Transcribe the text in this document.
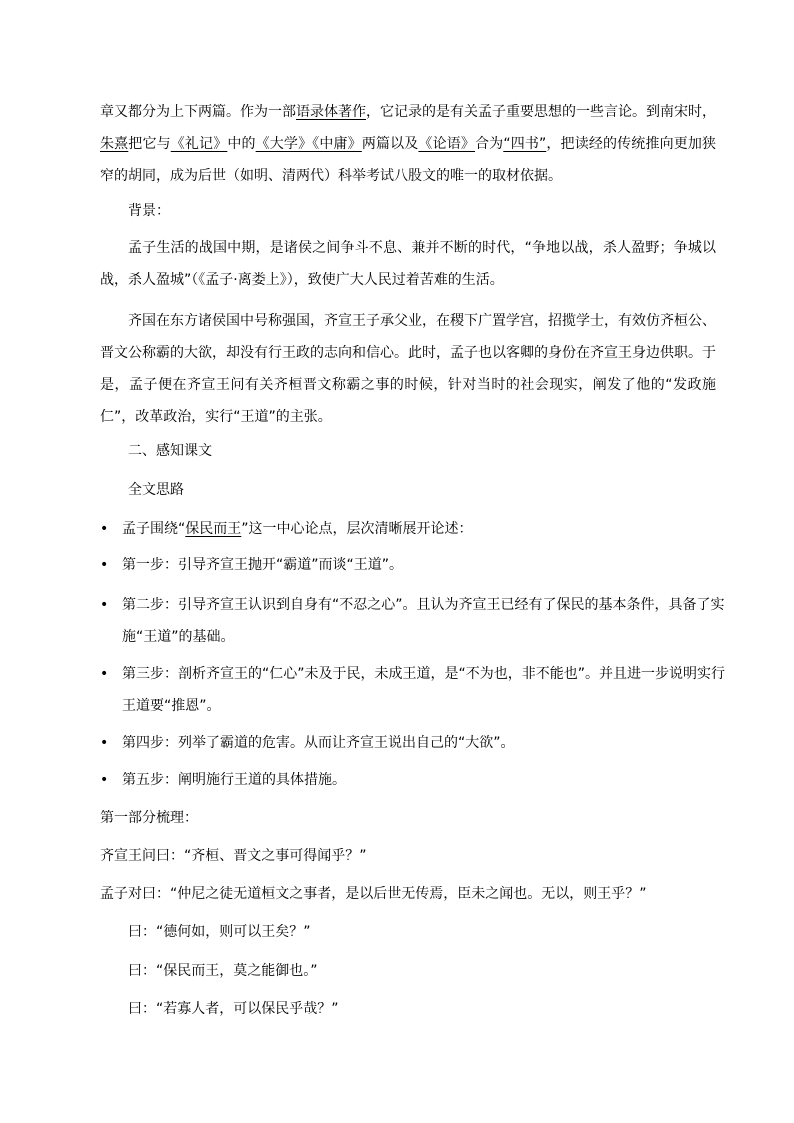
章又都分为上下两篇。作为一部语录体著作，它记录的是有关孟子重要思想的一些言论。到南宋时，朱熹把它与《礼记》中的《大学》《中庸》两篇以及《论语》合为“四书”，把读经的传统推向更加狭窄的胡同，成为后世（如明、清两代）科举考试八股文的唯一的取材依据。

背景：

孟子生活的战国中期，是诸侯之间争斗不息、兼并不断的时代，“争地以战，杀人盈野；争城以战，杀人盈城”（《孟子·离娄上》），致使广大人民过着苦难的生活。

齐国在东方诸侯国中号称强国，齐宣王子承父业，在稷下广置学宫，招揽学士，有效仿齐桓公、晋文公称霸的大欲，却没有行王政的志向和信心。此时，孟子也以客卿的身份在齐宣王身边供职。于是，孟子便在齐宣王问有关齐桓晋文称霸之事的时候，针对当时的社会现实，阐发了他的“发政施仁”，改革政治，实行“王道”的主张。

二、感知课文

全文思路

• 孟子围绕“保民而王”这一中心论点，层次清晰展开论述：

• 第一步：引导齐宣王抛开“霸道”而谈“王道”。

• 第二步：引导齐宣王认识到自身有“不忍之心”。且认为齐宣王已经有了保民的基本条件，具备了实施“王道”的基础。

• 第三步：剖析齐宣王的“仁心”未及于民，未成王道，是“不为也，非不能也”。并且进一步说明实行王道要“推恩”。

• 第四步：列举了霸道的危害。从而让齐宣王说出自己的“大欲”。

• 第五步：阐明施行王道的具体措施。

第一部分梳理：

齐宣王问曰：“齐桓、晋文之事可得闻乎？”

孟子对曰：“仲尼之徒无道桓文之事者，是以后世无传焉，臣未之闻也。无以，则王乎？”

曰：“德何如，则可以王矣？”

曰：“保民而王，莫之能御也。”

曰：“若寡人者，可以保民乎哉？”
